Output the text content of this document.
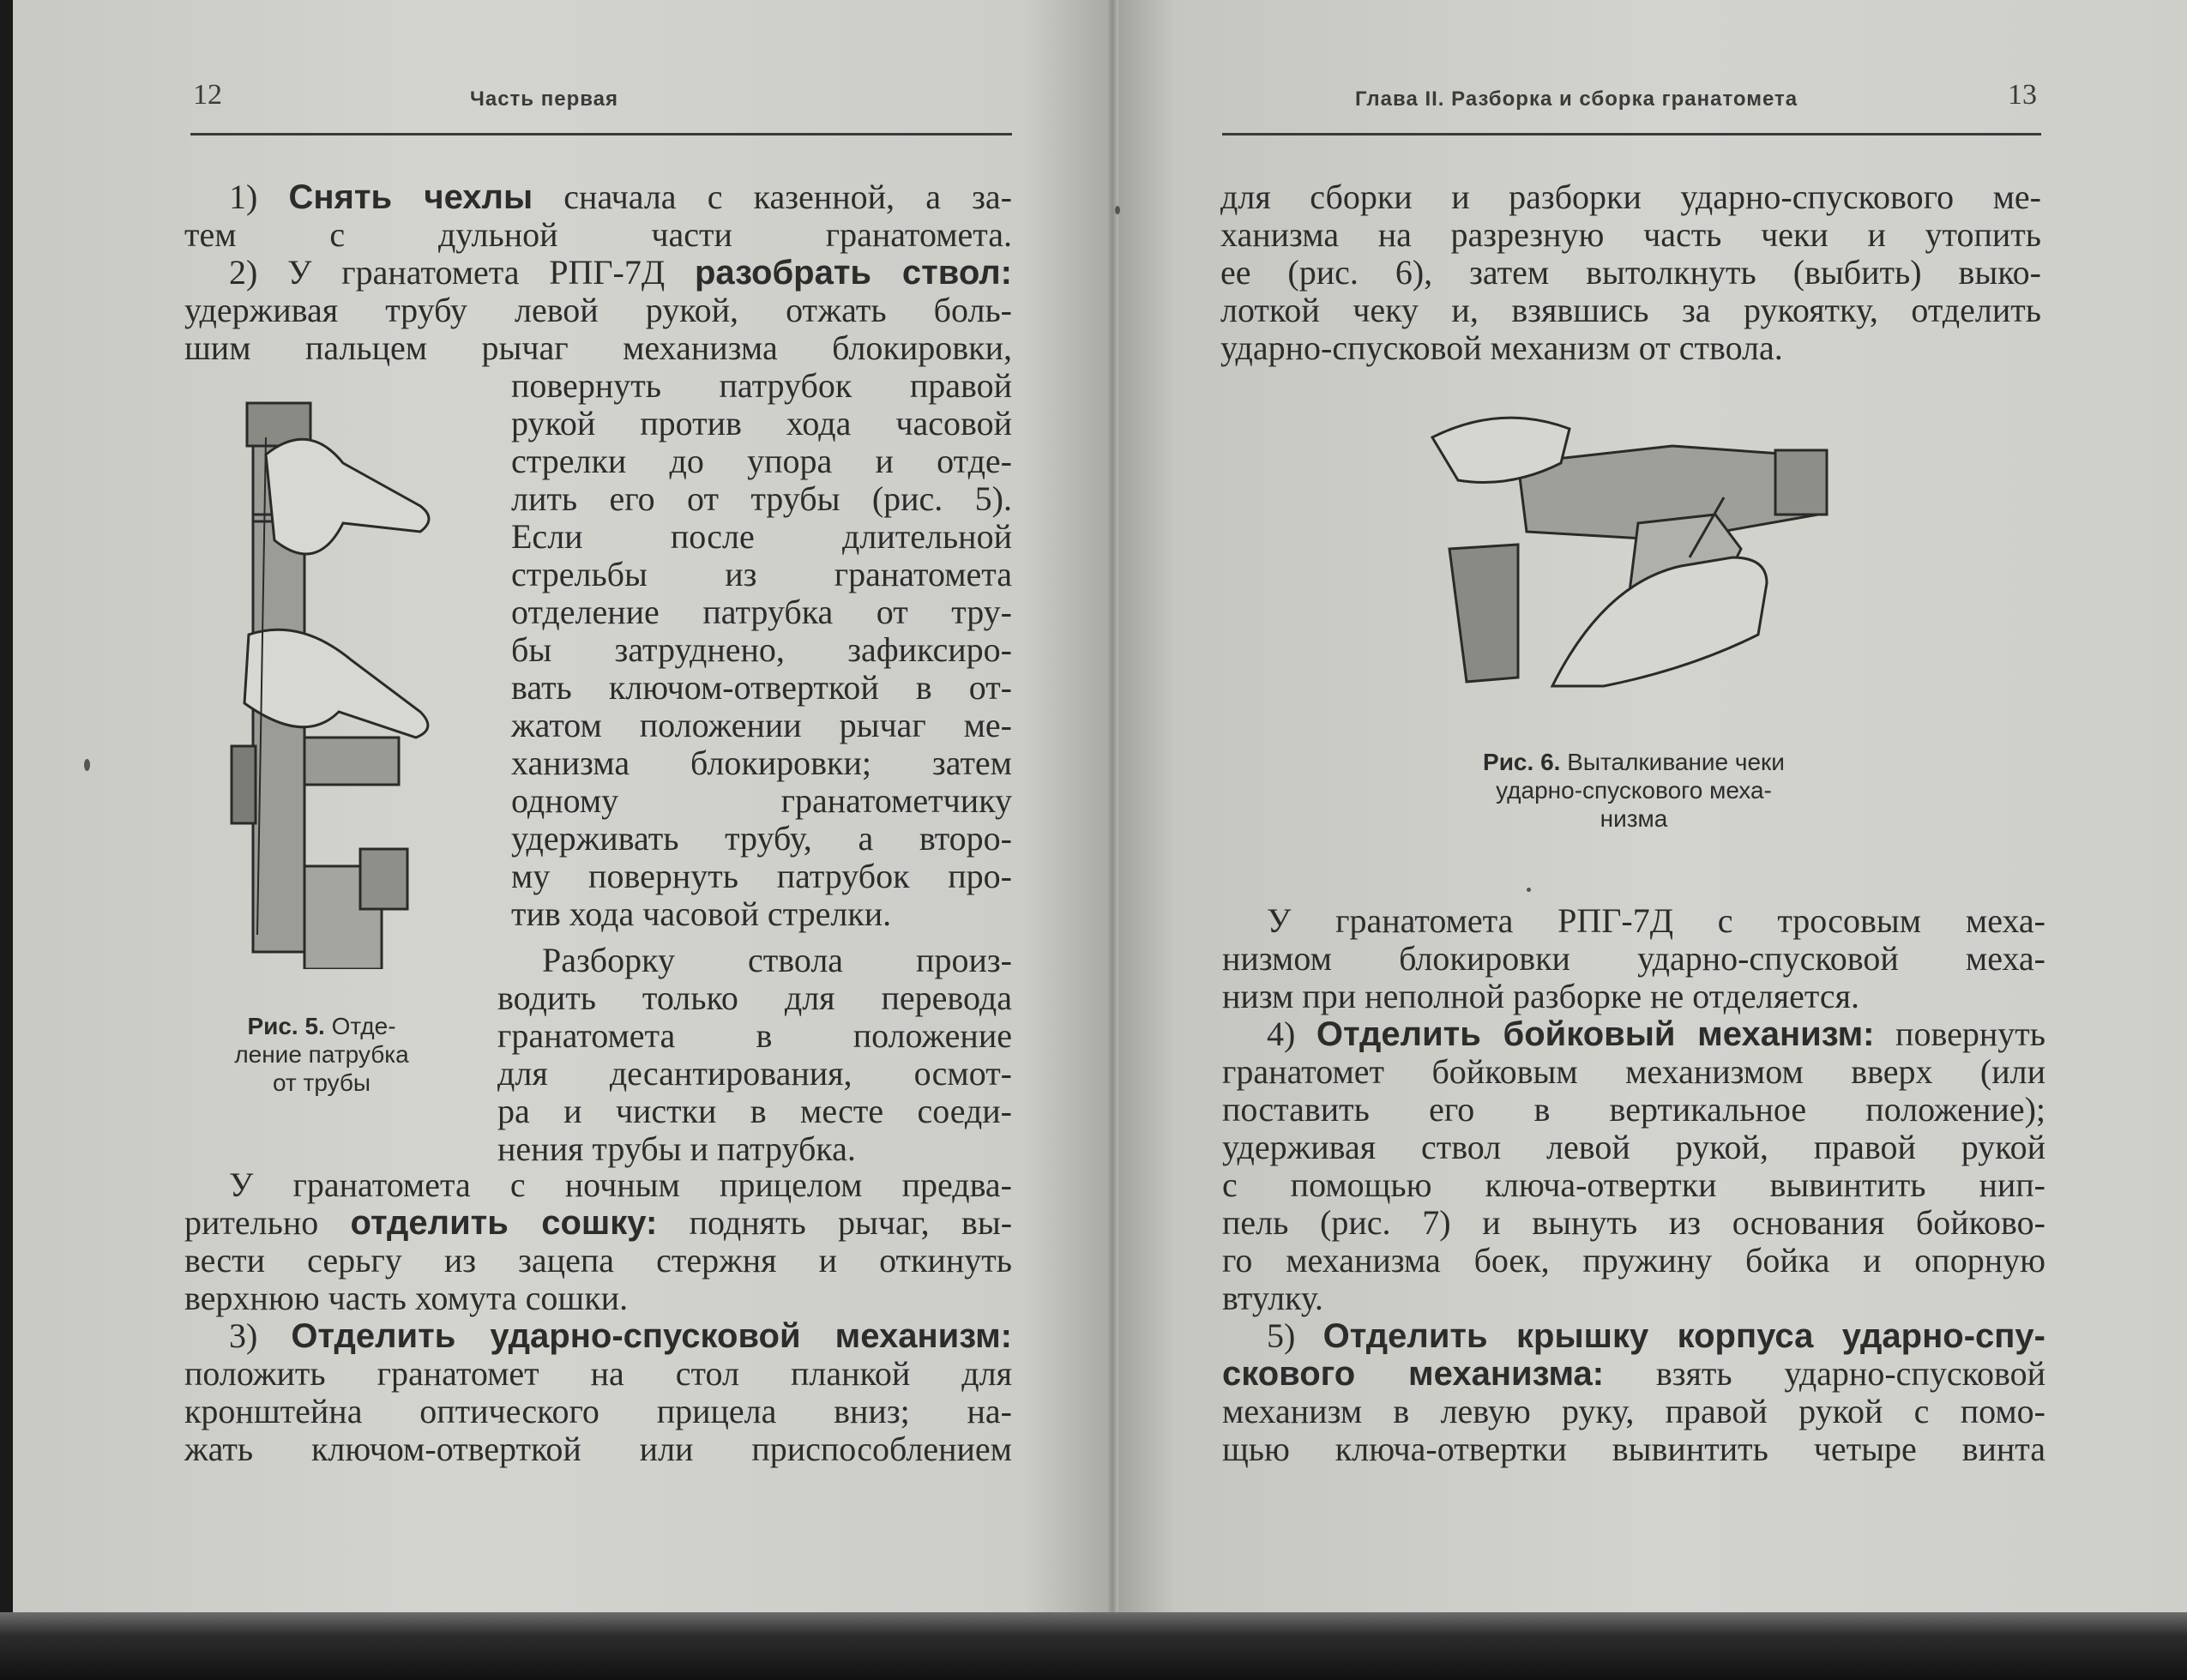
12	Часть первая

1) Снять чехлы сначала с казенной, а за-

тем с дульной части гранатомета.

2) У гранатомета РПГ-7Д разобрать ствол:

удерживая трубу левой рукой, отжать боль-

шим пальцем рычаг механизма блокировки,

Рис. 5. Отде-
ление патрубка
от трубы

повернуть патрубок правой

рукой против хода часовой

стрелки до упора и отде-

лить его от трубы (рис. 5).

Если после длительной

стрельбы из гранатомета

отделение патрубка от тру-

бы затруднено, зафиксиро-

вать ключом-отверткой в от-

жатом положении рычаг ме-

ханизма блокировки; затем

одному гранатометчику

удерживать трубу, а второ-

му повернуть патрубок про-

тив хода часовой стрелки.

Разборку ствола произ-

водить только для перевода

гранатомета в положение

для десантирования, осмот-

ра и чистки в месте соеди-

нения трубы и патрубка.

У гранатомета с ночным прицелом предва-

рительно отделить сошку: поднять рычаг, вы-

вести серьгу из зацепа стержня и откинуть

верхнюю часть хомута сошки.

3) Отделить ударно-спусковой механизм:

положить гранатомет на стол планкой для

кронштейна оптического прицела вниз; на-

жать ключом-отверткой или приспособлением

Глава II. Разборка и сборка гранатомета	13

для сборки и разборки ударно-спускового ме-

ханизма на разрезную часть чеки и утопить

ее (рис. 6), затем вытолкнуть (выбить) выко-

лоткой чеку и, взявшись за рукоятку, отделить

ударно-спусковой механизм от ствола.

Рис. 6. Выталкивание чеки
ударно-спускового меха-
низма

У гранатомета РПГ-7Д с тросовым меха-

низмом блокировки ударно-спусковой меха-

низм при неполной разборке не отделяется.

4) Отделить бойковый механизм: повернуть

гранатомет бойковым механизмом вверх (или

поставить его в вертикальное положение);

удерживая ствол левой рукой, правой рукой

с помощью ключа-отвертки вывинтить нип-

пель (рис. 7) и вынуть из основания бойково-

го механизма боек, пружину бойка и опорную

втулку.

5) Отделить крышку корпуса ударно-спу-

скового механизма: взять ударно-спусковой

механизм в левую руку, правой рукой с помо-

щью ключа-отвертки вывинтить четыре винта
